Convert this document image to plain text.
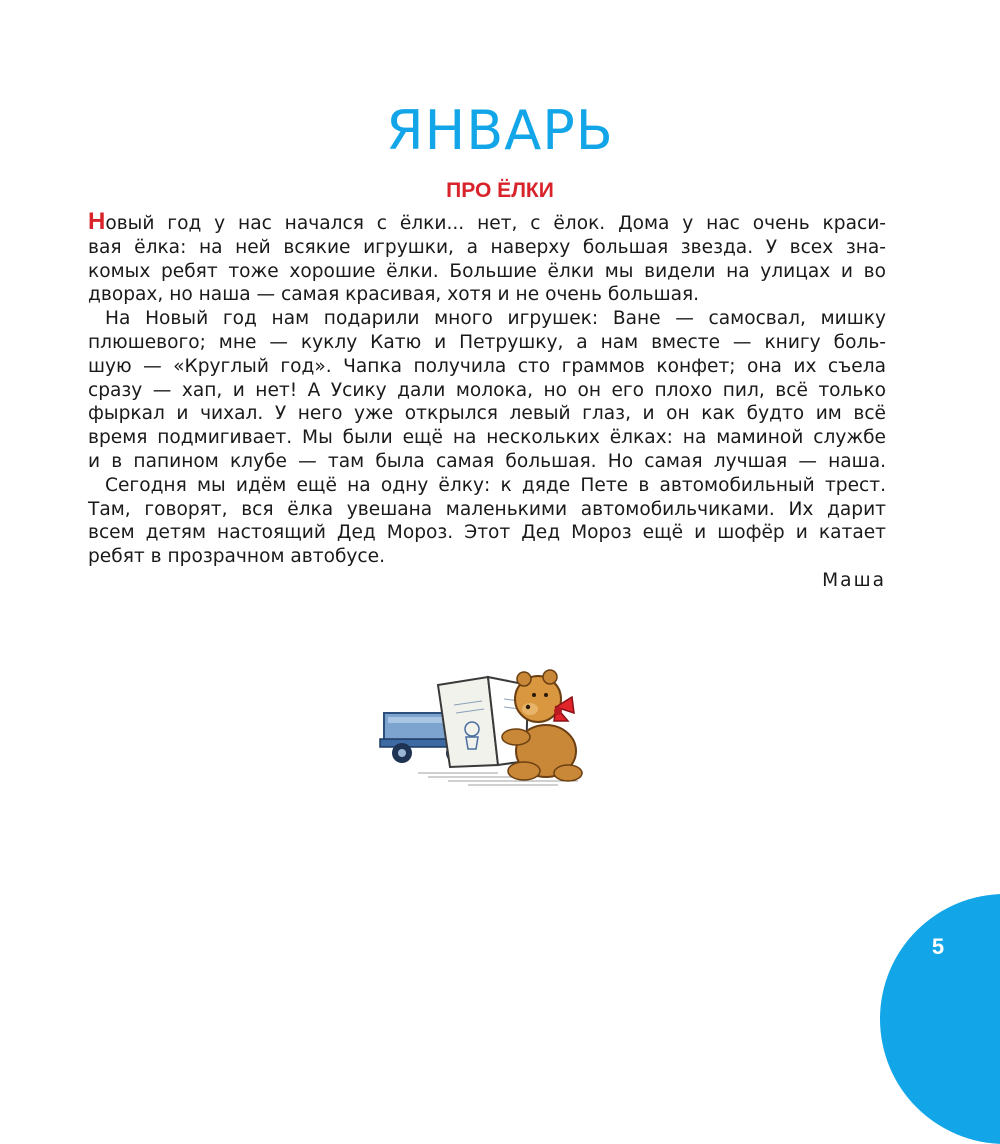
ЯНВАРЬ
ПРО ЁЛКИ
Новый год у нас начался с ёлки... нет, с ёлок. Дома у нас очень краси-
вая ёлка: на ней всякие игрушки, а наверху большая звезда. У всех зна-
комых ребят тоже хорошие ёлки. Большие ёлки мы видели на улицах и во
дворах, но наша — самая красивая, хотя и не очень большая.
На Новый год нам подарили много игрушек: Ване — самосвал, мишку
плюшевого; мне — куклу Катю и Петрушку, а нам вместе — книгу боль-
шую — «Круглый год». Чапка получила сто граммов конфет; она их съела
сразу — хап, и нет! А Усику дали молока, но он его плохо пил, всё только
фыркал и чихал. У него уже открылся левый глаз, и он как будто им всё
время подмигивает. Мы были ещё на нескольких ёлках: на маминой службе
и в папином клубе — там была самая большая. Но самая лучшая — наша.
Сегодня мы идём ещё на одну ёлку: к дяде Пете в автомобильный трест.
Там, говорят, вся ёлка увешана маленькими автомобильчиками. Их дарит
всем детям настоящий Дед Мороз. Этот Дед Мороз ещё и шофёр и катает
ребят в прозрачном автобусе.
Маша
5
